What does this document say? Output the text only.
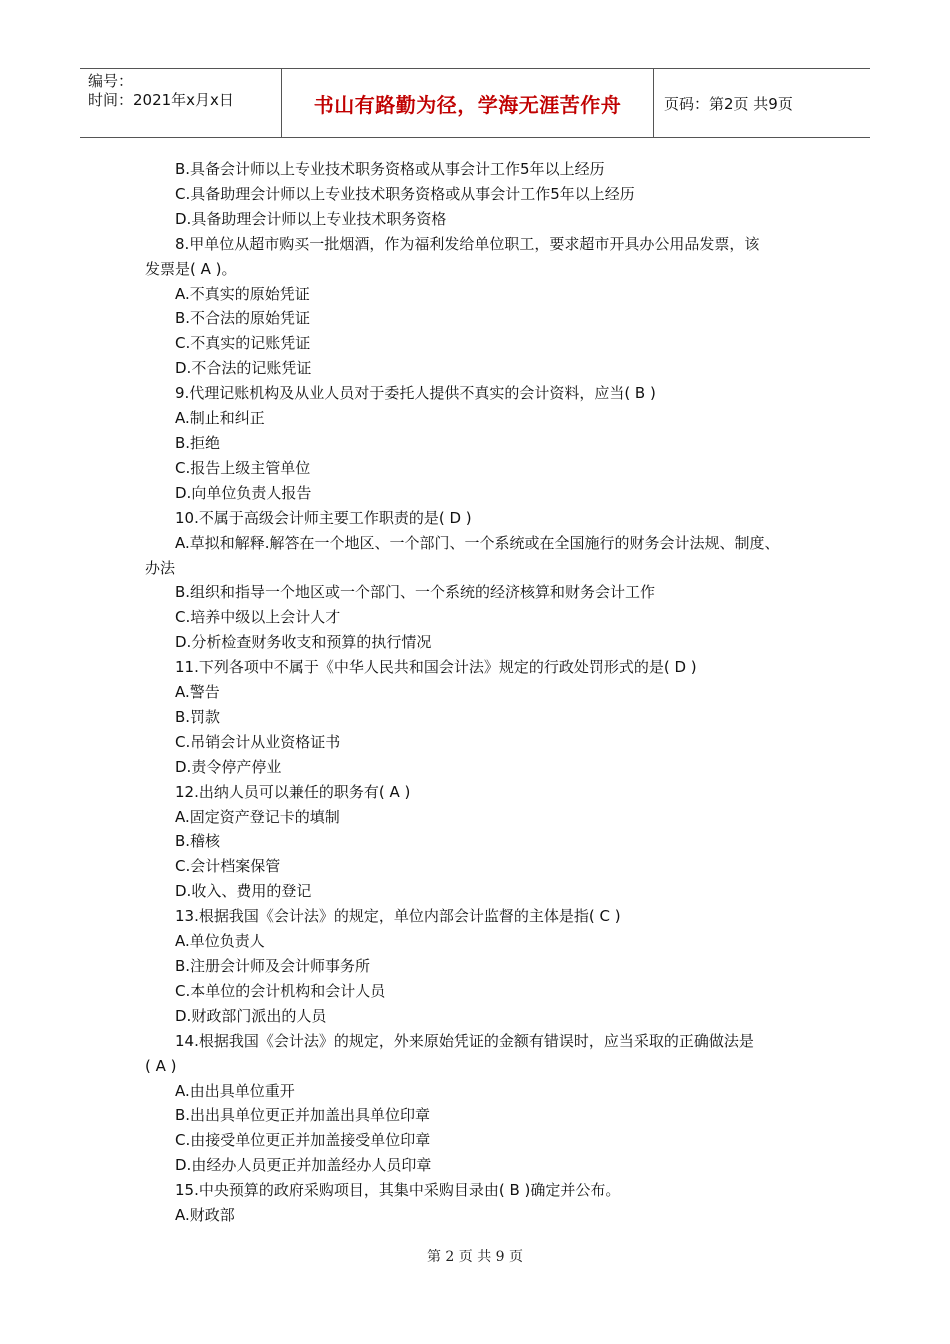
编号：
时间：2021年x月x日	书山有路勤为径，学海无涯苦作舟	页码：第2页 共9页
B.具备会计师以上专业技术职务资格或从事会计工作5年以上经历
C.具备助理会计师以上专业技术职务资格或从事会计工作5年以上经历
D.具备助理会计师以上专业技术职务资格
8.甲单位从超市购买一批烟酒，作为福利发给单位职工，要求超市开具办公用品发票，该
发票是( A )。
A.不真实的原始凭证
B.不合法的原始凭证
C.不真实的记账凭证
D.不合法的记账凭证
9.代理记账机构及从业人员对于委托人提供不真实的会计资料，应当( B )
A.制止和纠正
B.拒绝
C.报告上级主管单位
D.向单位负责人报告
10.不属于高级会计师主要工作职责的是( D )
A.草拟和解释.解答在一个地区、一个部门、一个系统或在全国施行的财务会计法规、制度、
办法
B.组织和指导一个地区或一个部门、一个系统的经济核算和财务会计工作
C.培养中级以上会计人才
D.分析检查财务收支和预算的执行情况
11.下列各项中不属于《中华人民共和国会计法》规定的行政处罚形式的是( D )
A.警告
B.罚款
C.吊销会计从业资格证书
D.责令停产停业
12.出纳人员可以兼任的职务有( A )
A.固定资产登记卡的填制
B.稽核
C.会计档案保管
D.收入、费用的登记
13.根据我国《会计法》的规定，单位内部会计监督的主体是指( C )
A.单位负责人
B.注册会计师及会计师事务所
C.本单位的会计机构和会计人员
D.财政部门派出的人员
14.根据我国《会计法》的规定，外来原始凭证的金额有错误时，应当采取的正确做法是
( A )
A.由出具单位重开
B.出出具单位更正并加盖出具单位印章
C.由接受单位更正并加盖接受单位印章
D.由经办人员更正并加盖经办人员印章
15.中央预算的政府采购项目，其集中采购目录由( B )确定并公布。
A.财政部
第 2 页 共 9 页
